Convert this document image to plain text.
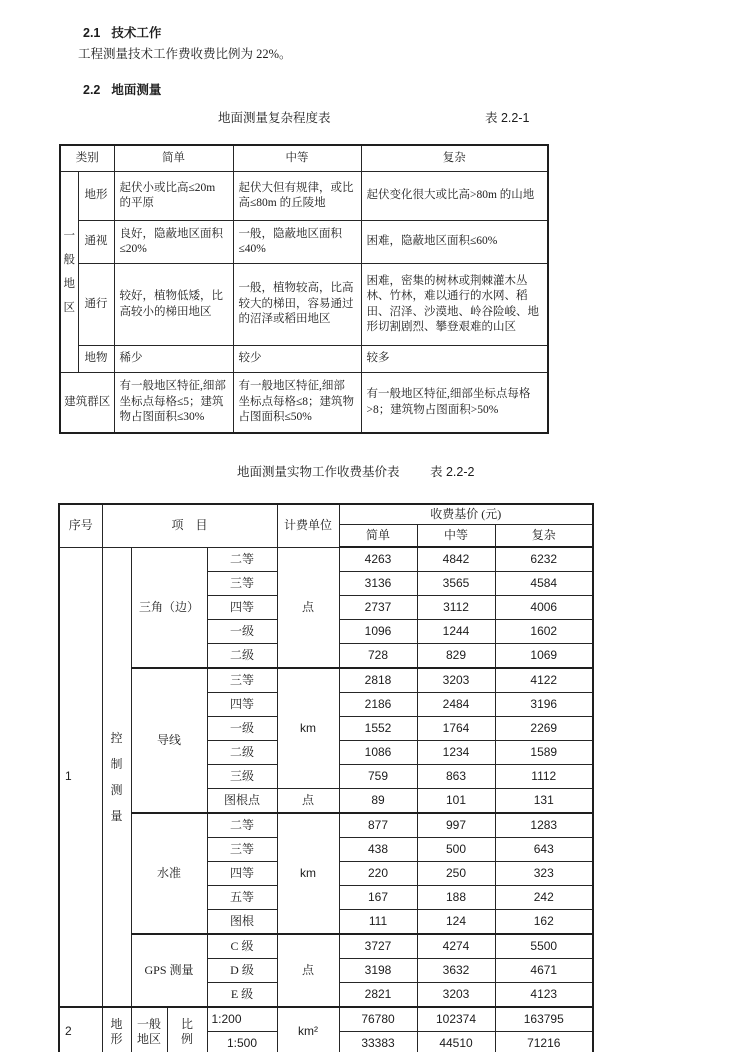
2.1 技术工作

工程测量技术工作费收费比例为 22%。

2.2 地面测量
地面测量复杂程度表	表 2.2-1
类别		简单	中等	复杂
一般地区	地形	起伏小或比高≤20m 的平原	起伏大但有规律，或比高≤80m 的丘陵地	起伏变化很大或比高>80m 的山地
	通视	良好，隐蔽地区面积≤20%	一般，隐蔽地区面积≤40%	困难，隐蔽地区面积≤60%
	通行	较好，植物低矮，比高较小的梯田地区	一般，植物较高，比高较大的梯田，容易通过的沼泽或稻田地区	困难，密集的树林或荆棘灌木丛林、竹林，难以通行的水网、稻田、沼泽、沙漠地、岭谷险峻、地形切割剧烈、攀登艰难的山区
	地物	稀少	较少	较多
建筑群区		有一般地区特征,细部坐标点每格≤5；建筑物占图面积≤30%	有一般地区特征,细部坐标点每格≤8；建筑物占图面积≤50%	有一般地区特征,细部坐标点每格>8；建筑物占图面积>50%
地面测量实物工作收费基价表 表 2.2-2
序号	项　目				计费单位	收费基价 (元)		
						简单	中等	复杂
1	控制测量	三角（边）		二等	点	4263	4842	6232
				三等		3136	3565	4584
				四等		2737	3112	4006
				一级		1096	1244	1602
				二级		728	829	1069
		导线		三等	km	2818	3203	4122
				四等		2186	2484	3196
				一级		1552	1764	2269
				二级		1086	1234	1589
				三级		759	863	1112
				图根点	点	89	101	131
		水准		二等	km	877	997	1283
				三等		438	500	643
				四等		220	250	323
				五等		167	188	242
				图根		111	124	162
		GPS 测量		C 级	点	3727	4274	5500
				D 级		3198	3632	4671
				E 级		2821	3203	4123
2	地形	一般地区	比例	1:200	km²	76780	102374	163795
				1:500		33383	44510	71216
